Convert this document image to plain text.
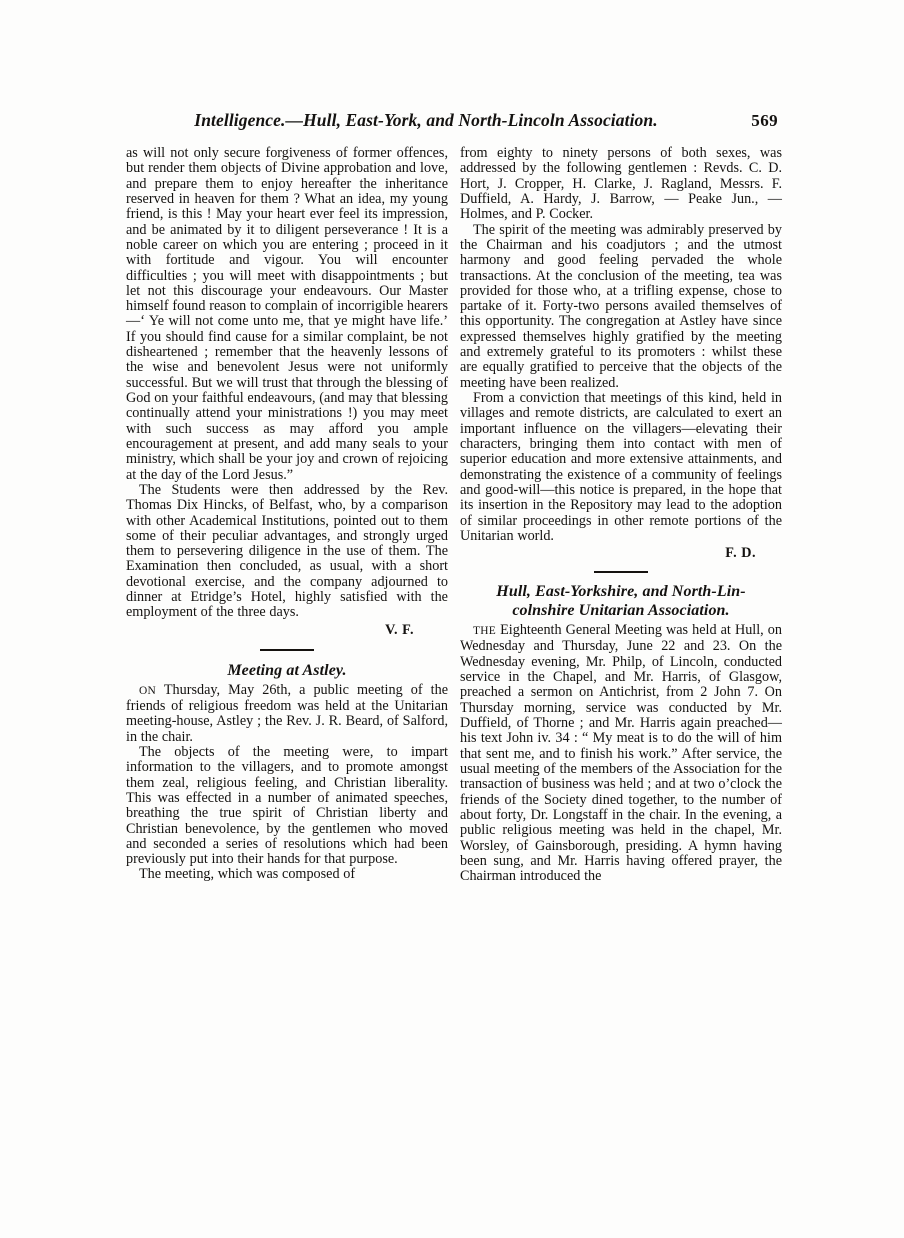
Intelligence.—Hull, East-York, and North-Lincoln Association.	569

as will not only secure forgiveness of former offences, but render them objects of Divine approbation and love, and prepare them to enjoy hereafter the inheritance reserved in heaven for them ? What an idea, my young friend, is this ! May your heart ever feel its impression, and be animated by it to diligent perseverance ! It is a noble career on which you are entering ; proceed in it with fortitude and vigour. You will encounter difficulties ; you will meet with disappointments ; but let not this discourage your endeavours. Our Master himself found reason to complain of incorrigible hearers—‘ Ye will not come unto me, that ye might have life.’ If you should find cause for a similar complaint, be not disheartened ; remember that the heavenly lessons of the wise and benevolent Jesus were not uniformly successful. But we will trust that through the blessing of God on your faithful endeavours, (and may that blessing continually attend your ministrations !) you may meet with such success as may afford you ample encouragement at present, and add many seals to your ministry, which shall be your joy and crown of rejoicing at the day of the Lord Jesus.”

The Students were then addressed by the Rev. Thomas Dix Hincks, of Belfast, who, by a comparison with other Academical Institutions, pointed out to them some of their peculiar advantages, and strongly urged them to persevering diligence in the use of them. The Examination then concluded, as usual, with a short devotional exercise, and the company adjourned to dinner at Etridge’s Hotel, highly satisfied with the employment of the three days.

V. F.

Meeting at Astley.

ON Thursday, May 26th, a public meeting of the friends of religious freedom was held at the Unitarian meeting-house, Astley ; the Rev. J. R. Beard, of Salford, in the chair.

The objects of the meeting were, to impart information to the villagers, and to promote amongst them zeal, religious feeling, and Christian liberality. This was effected in a number of animated speeches, breathing the true spirit of Christian liberty and Christian benevolence, by the gentlemen who moved and seconded a series of resolutions which had been previously put into their hands for that purpose.

The meeting, which was composed of

from eighty to ninety persons of both sexes, was addressed by the following gentlemen : Revds. C. D. Hort, J. Cropper, H. Clarke, J. Ragland, Messrs. F. Duffield, A. Hardy, J. Barrow, — Peake Jun., — Holmes, and P. Cocker.

The spirit of the meeting was admirably preserved by the Chairman and his coadjutors ; and the utmost harmony and good feeling pervaded the whole transactions. At the conclusion of the meeting, tea was provided for those who, at a trifling expense, chose to partake of it. Forty-two persons availed themselves of this opportunity. The congregation at Astley have since expressed themselves highly gratified by the meeting and extremely grateful to its promoters : whilst these are equally gratified to perceive that the objects of the meeting have been realized.

From a conviction that meetings of this kind, held in villages and remote districts, are calculated to exert an important influence on the villagers—elevating their characters, bringing them into contact with men of superior education and more extensive attainments, and demonstrating the existence of a community of feelings and good-will—this notice is prepared, in the hope that its insertion in the Repository may lead to the adoption of similar proceedings in other remote portions of the Unitarian world.

F. D.

Hull, East-Yorkshire, and North-Lin-
colnshire Unitarian Association.

THE Eighteenth General Meeting was held at Hull, on Wednesday and Thursday, June 22 and 23. On the Wednesday evening, Mr. Philp, of Lincoln, conducted service in the Chapel, and Mr. Harris, of Glasgow, preached a sermon on Antichrist, from 2 John 7. On Thursday morning, service was conducted by Mr. Duffield, of Thorne ; and Mr. Harris again preached—his text John iv. 34 : “ My meat is to do the will of him that sent me, and to finish his work.” After service, the usual meeting of the members of the Association for the transaction of business was held ; and at two o’clock the friends of the Society dined together, to the number of about forty, Dr. Longstaff in the chair. In the evening, a public religious meeting was held in the chapel, Mr. Worsley, of Gainsborough, presiding. A hymn having been sung, and Mr. Harris having offered prayer, the Chairman introduced the
